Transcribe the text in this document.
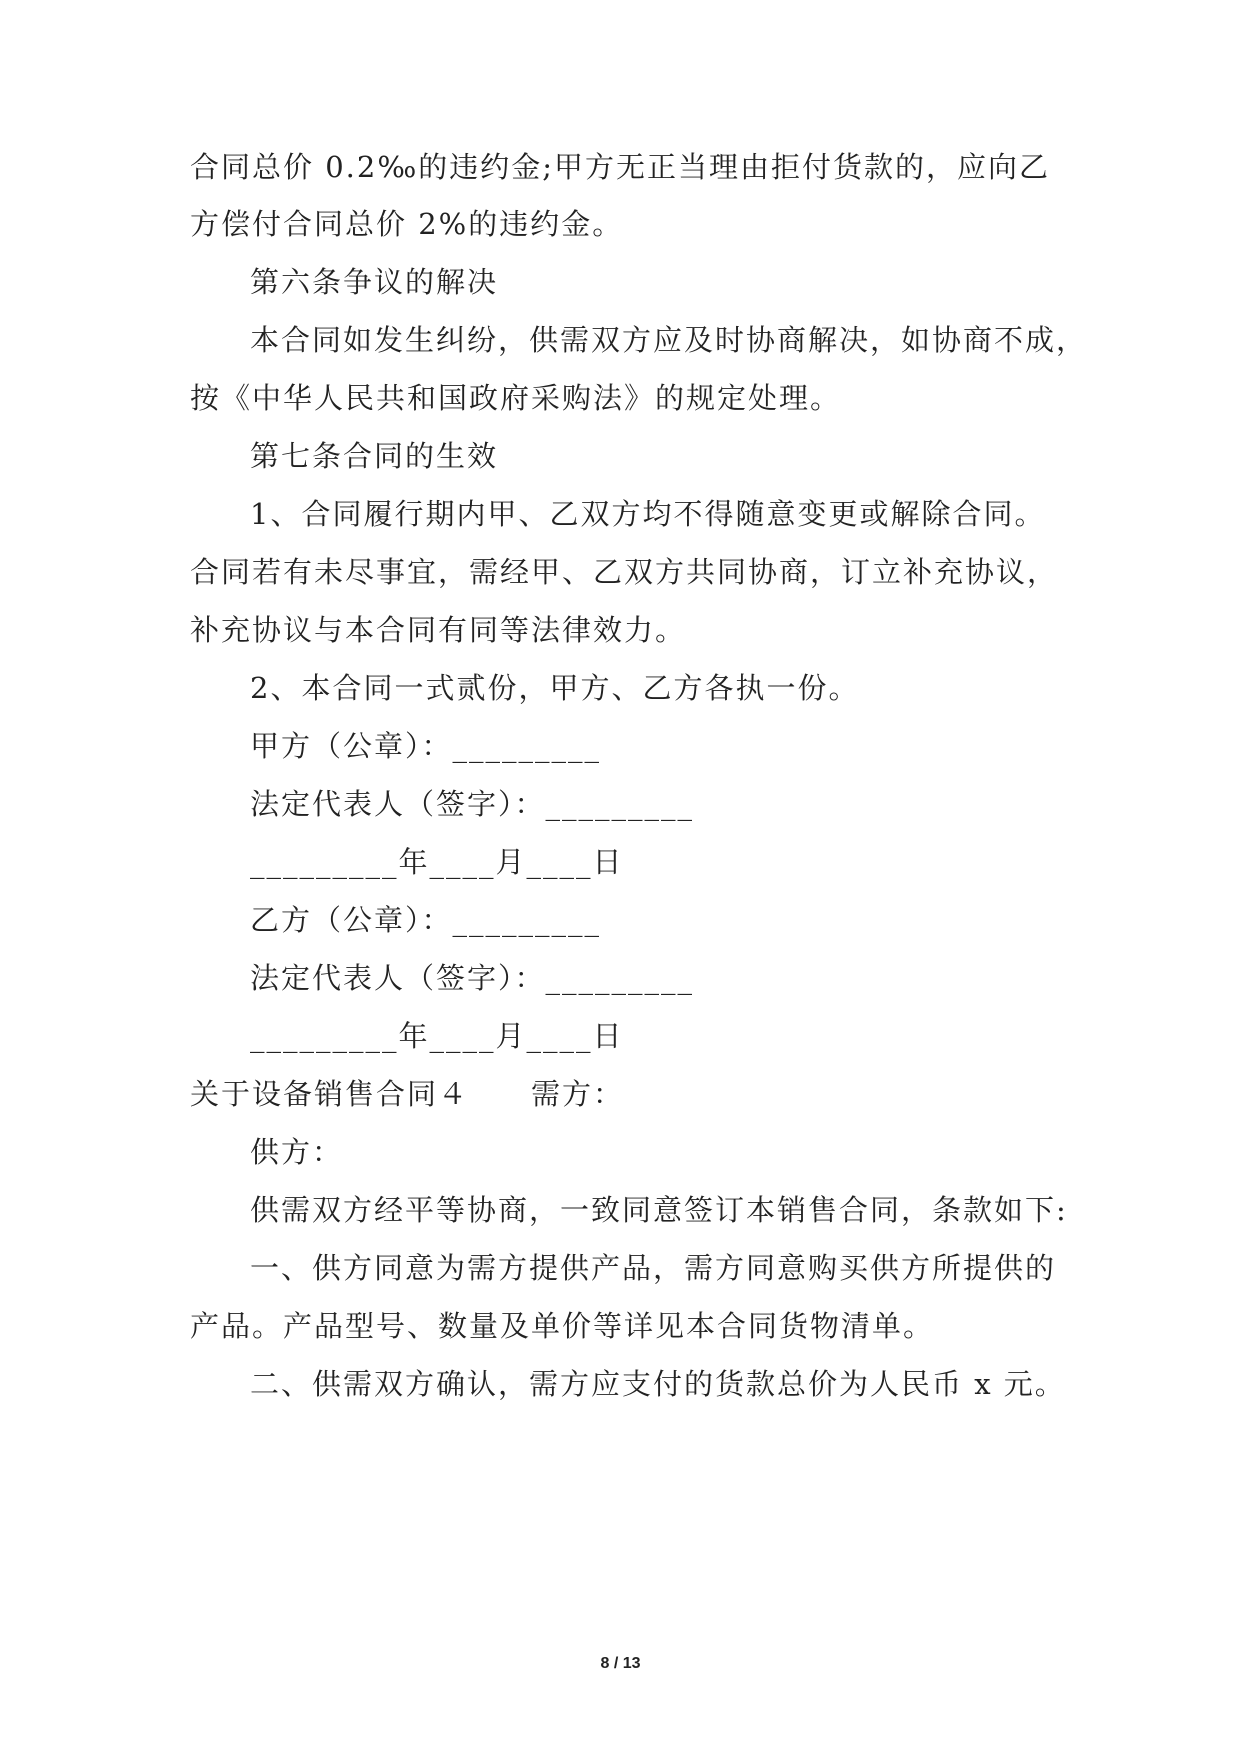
合同总价 0.2‰的违约金;甲方无正当理由拒付货款的，应向乙
方偿付合同总价 2%的违约金。
第六条争议的解决
本合同如发生纠纷，供需双方应及时协商解决，如协商不成，
按《中华人民共和国政府采购法》的规定处理。
第七条合同的生效
1、合同履行期内甲、乙双方均不得随意变更或解除合同。
合同若有未尽事宜，需经甲、乙双方共同协商，订立补充协议，
补充协议与本合同有同等法律效力。
2、本合同一式贰份，甲方、乙方各执一份。
甲方（公章）：_________
法定代表人（签字）：_________
_________年____月____日
乙方（公章）：_________
法定代表人（签字）：_________
_________年____月____日
关于设备销售合同４　　需方：
供方：
供需双方经平等协商，一致同意签订本销售合同，条款如下:
一、供方同意为需方提供产品，需方同意购买供方所提供的
产品。产品型号、数量及单价等详见本合同货物清单。
二、供需双方确认，需方应支付的货款总价为人民币 x 元。
8 / 13
